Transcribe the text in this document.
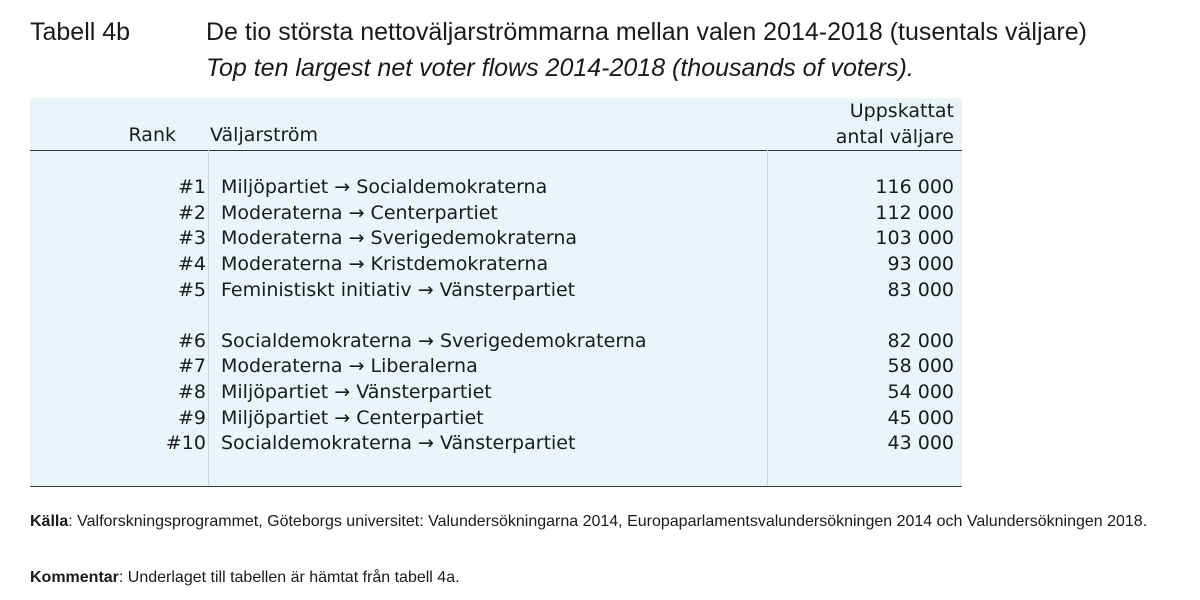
Tabell 4b	De tio största nettoväljarströmmarna mellan valen 2014-2018 (tusentals väljare)
Top ten largest net voter flows 2014-2018 (thousands of voters).
Rank Väljarström
Uppskattat
antal väljare
#1 Miljöpartiet → Socialdemokraterna	116 000
#2 Moderaterna → Centerpartiet	112 000
#3 Moderaterna → Sverigedemokraterna	103 000
#4 Moderaterna → Kristdemokraterna	93 000
#5 Feministiskt initiativ → Vänsterpartiet	83 000
#6 Socialdemokraterna → Sverigedemokraterna	82 000
#7 Moderaterna → Liberalerna	58 000
#8 Miljöpartiet → Vänsterpartiet	54 000
#9 Miljöpartiet → Centerpartiet	45 000
#10 Socialdemokraterna → Vänsterpartiet	43 000
Källa: Valforskningsprogrammet, Göteborgs universitet: Valundersökningarna 2014, Europaparlamentsvalundersökningen 2014 och Valundersökningen 2018.
Kommentar: Underlaget till tabellen är hämtat från tabell 4a.
